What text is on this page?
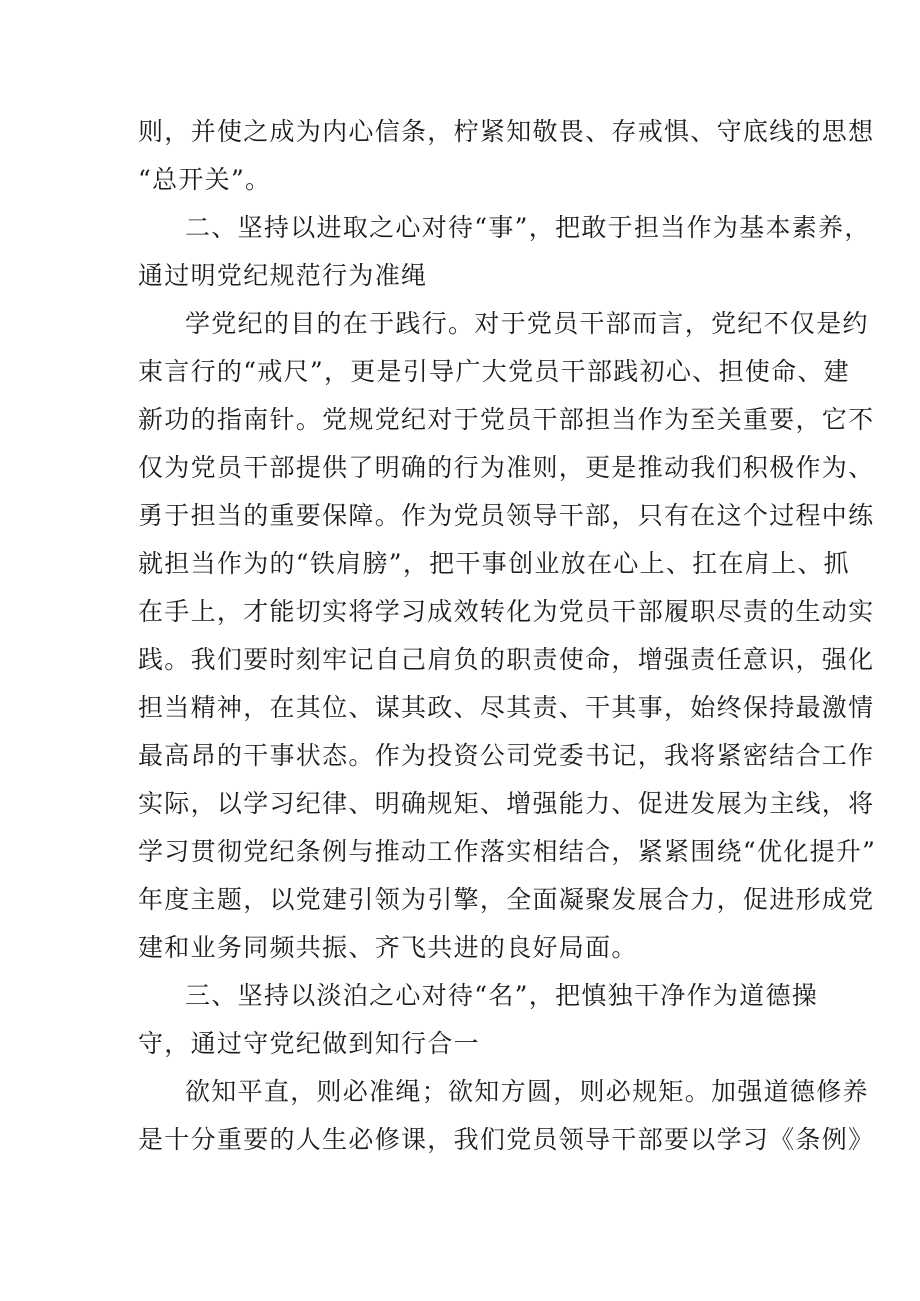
则，并使之成为内心信条，柠紧知敬畏、存戒惧、守底线的思想
“总开关”。
二、坚持以进取之心对待“事”，把敢于担当作为基本素养，
通过明党纪规范行为准绳
学党纪的目的在于践行。对于党员干部而言，党纪不仅是约
束言行的“戒尺”，更是引导广大党员干部践初心、担使命、建
新功的指南针。党规党纪对于党员干部担当作为至关重要，它不
仅为党员干部提供了明确的行为准则，更是推动我们积极作为、
勇于担当的重要保障。作为党员领导干部，只有在这个过程中练
就担当作为的“铁肩膀”，把干事创业放在心上、扛在肩上、抓
在手上，才能切实将学习成效转化为党员干部履职尽责的生动实
践。我们要时刻牢记自己肩负的职责使命，增强责任意识，强化
担当精神，在其位、谋其政、尽其责、干其事，始终保持最激情
最高昂的干事状态。作为投资公司党委书记，我将紧密结合工作
实际，以学习纪律、明确规矩、增强能力、促进发展为主线，将
学习贯彻党纪条例与推动工作落实相结合，紧紧围绕“优化提升”
年度主题，以党建引领为引擎，全面凝聚发展合力，促进形成党
建和业务同频共振、齐飞共进的良好局面。
三、坚持以淡泊之心对待“名”，把慎独干净作为道德操
守，通过守党纪做到知行合一
欲知平直，则必准绳；欲知方圆，则必规矩。加强道德修养
是十分重要的人生必修课，我们党员领导干部要以学习《条例》
